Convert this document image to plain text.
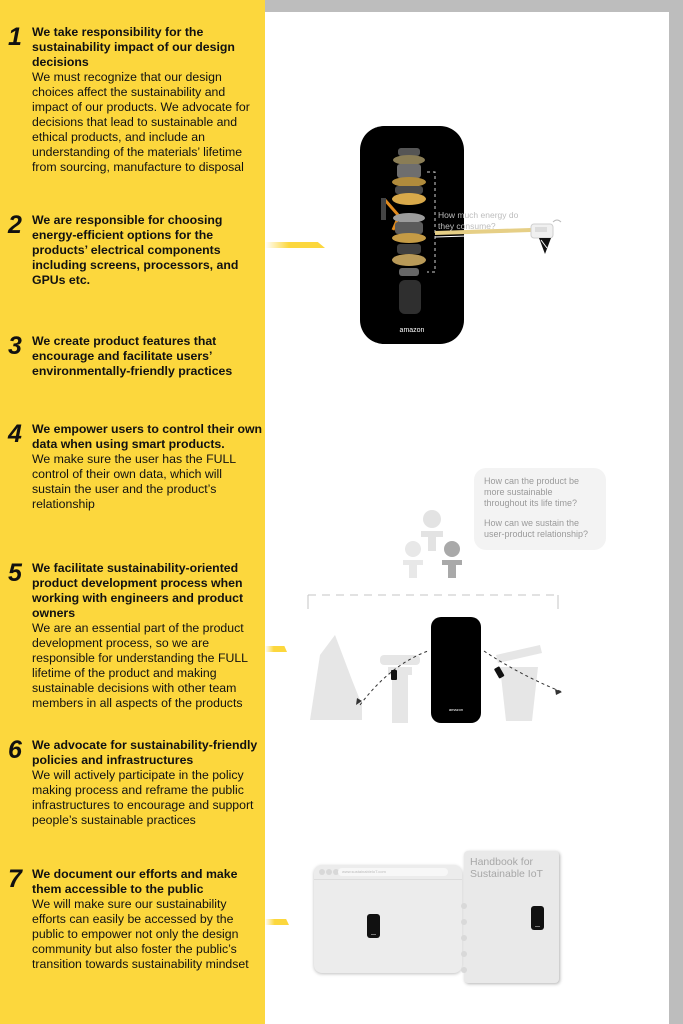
1 We take responsibility for the sustainability impact of our design decisions
We must recognize that our design choices affect the sustainability and impact of our products. We advocate for decisions that lead to sustainable and ethical products, and include an understanding of the materials’ lifetime from sourcing, manufacture to disposal
2 We are responsible for choosing energy-efficient options for the products’ electrical components including screens, processors, and GPUs etc.
3 We create product features that encourage and facilitate users’ environmentally-friendly practices
4 We empower users to control their own data when using smart products.
We make sure the user has the FULL control of their own data, which will sustain the user and the product’s relationship
5 We facilitate sustainability-oriented product development process when working with engineers and product owners
We are an essential part of the product development process, so we are responsible for understanding the FULL lifetime of the product and making sustainable decisions with other team members in all aspects of the products
6 We advocate for sustainability-friendly policies and infrastructures
We will actively participate in the policy making process and reframe the public infrastructures to encourage and support people’s sustainable practices
7 We document our efforts and make them accessible to the public
We will make sure our sustainability efforts can easily be accessed by the public to empower not only the design community but also foster the public’s transition towards sustainability mindset
amazon
How much energy do
they consume?
How can the product be more sustainable throughout its life time?
How can we sustain the user-product relationship?
amazon
www.sustainableIoT.com
Handbook for Sustainable IoT
